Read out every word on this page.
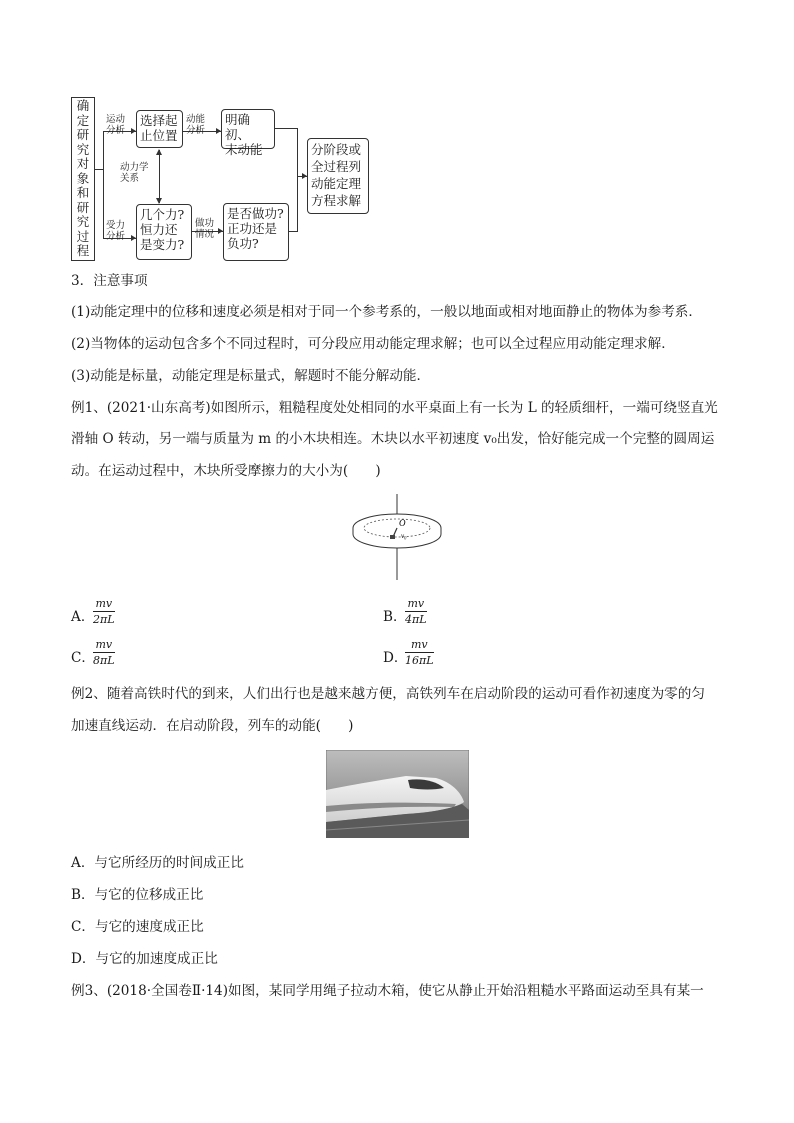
确
定
研
究
对
象
和
研
究
过
程
运动
分析
受力
分析
选择起
止位置
动能
分析
明确初、
末动能
动力学
关系
几个力?
恒力还
是变力?
做功
情况
是否做功?
正功还是
负功?
分阶段或
全过程列
动能定理
方程求解
3．注意事项
(1)动能定理中的位移和速度必须是相对于同一个参考系的，一般以地面或相对地面静止的物体为参考系．
(2)当物体的运动包含多个不同过程时，可分段应用动能定理求解；也可以全过程应用动能定理求解．
(3)动能是标量，动能定理是标量式，解题时不能分解动能．
例1、(2021·山东高考)如图所示，粗糙程度处处相同的水平桌面上有一长为 L 的轻质细杆，一端可绕竖直光
滑轴 O 转动，另一端与质量为 m 的小木块相连。木块以水平初速度 v₀出发，恰好能完成一个完整的圆周运
动。在运动过程中，木块所受摩擦力的大小为(　　)
O
v₀
A．
$\frac{mv}{2\pi L}$	B．
$\frac{mv}{4\pi L}$
C．
$\frac{mv}{8\pi L}$	D．
$\frac{mv}{16\pi L}$
例2、随着高铁时代的到来，人们出行也是越来越方便，高铁列车在启动阶段的运动可看作初速度为零的匀
加速直线运动．在启动阶段，列车的动能(　　)
A．与它所经历的时间成正比
B．与它的位移成正比
C．与它的速度成正比
D．与它的加速度成正比
例3、(2018·全国卷Ⅱ·14)如图，某同学用绳子拉动木箱，使它从静止开始沿粗糙水平路面运动至具有某一
